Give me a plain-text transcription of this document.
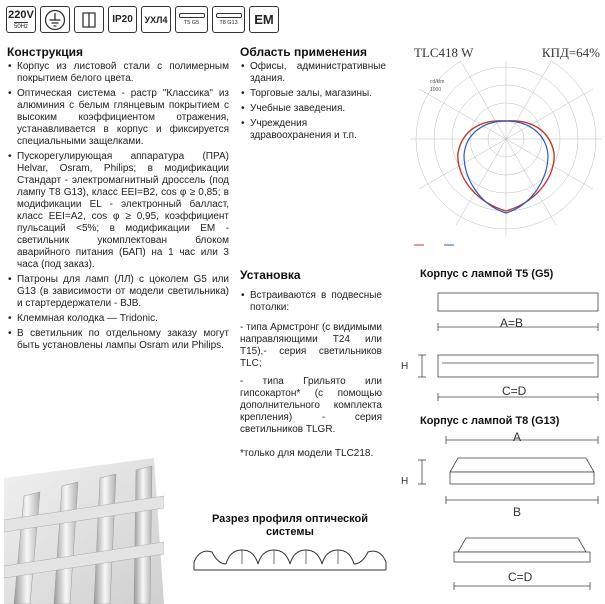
220V
50Hz
IP20	УХЛ4	T5 G5	T8 G13	EM
Конструкция
• Корпус из листовой стали с полимерным покрытием белого цвета.
• Оптическая система - растр "Классика" из алюминия с белым глянцевым покрытием с высоким коэффициентом отражения, устанавливается в корпус и фиксируется специальными защелками.
• Пускорегулирующая аппаратура (ПРА) Helvar, Osram, Philips; в модификации Стандарт - электромагнитный дроссель (под лампу T8 G13), класс EEI=B2, cos φ ≥ 0,85; в модификации EL - электронный балласт, класс EEI=A2, cos φ ≥ 0,95, коэффициент пульсаций <5%; в модификации EM - светильник укомплектован блоком аварийного питания (БАП) на 1 час или 3 часа (под заказ).
• Патроны для ламп (ЛЛ) с цоколем G5 или G13 (в зависимости от модели светильника) и стартердержатели - BJB.
• Клеммная колодка — Tridonic.
• В светильник по отдельному заказу могут быть установлены лампы Osram или Philips.
Область применения
• Офисы, административные здания.
• Торговые залы, магазины.
• Учебные заведения.
• Учреждения здравоохранения и т.п.
Установка
• Встраиваются в подвесные потолки:
- типа Армстронг (с видимыми направляющими T24 или T15),- серия светильников TLC;
- типа Грильято или гипсокартон* (с помощью дополнительного комплекта крепления) - серия светильников TLGR.
*только для модели TLC218.
TLC418 W	КПД=64%
cd/klm
1000
Разрез профиля оптической
системы
Корпус с лампой T5 (G5)
A=B
H
C=D
Корпус с лампой T8 (G13)
A
H
B
C=D
